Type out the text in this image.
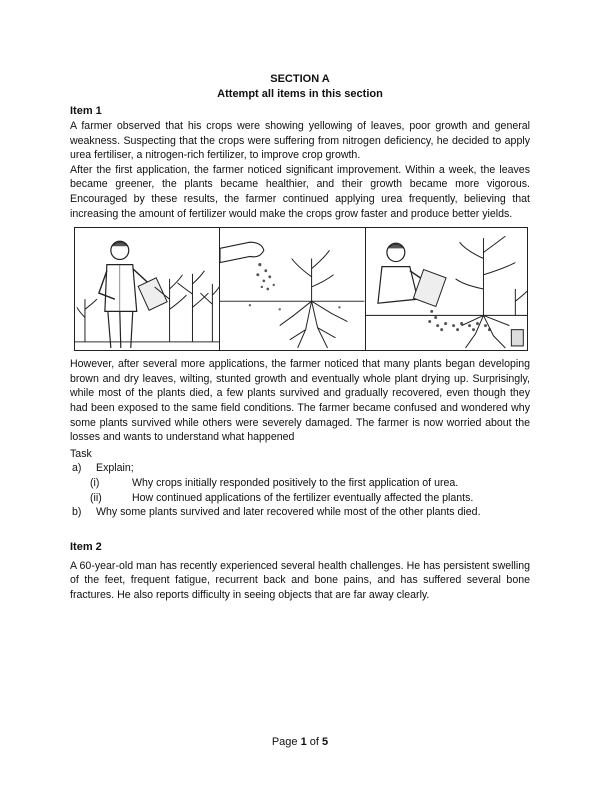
SECTION A
Attempt all items in this section
Item 1

A farmer observed that his crops were showing yellowing of leaves, poor growth and general weakness. Suspecting that the crops were suffering from nitrogen deficiency, he decided to apply urea fertiliser, a nitrogen-rich fertilizer, to improve crop growth.

After the first application, the farmer noticed significant improvement. Within a week, the leaves became greener, the plants became healthier, and their growth became more vigorous. Encouraged by these results, the farmer continued applying urea frequently, believing that increasing the amount of fertilizer would make the crops grow faster and produce better yields.

However, after several more applications, the farmer noticed that many plants began developing brown and dry leaves, wilting, stunted growth and eventually whole plant drying up. Surprisingly, while most of the plants died, a few plants survived and gradually recovered, even though they had been exposed to the same field conditions. The farmer became confused and wondered why some plants survived while others were severely damaged. The farmer is now worried about the losses and wants to understand what happened

Task
a)	Explain;
(i)	Why crops initially responded positively to the first application of urea.
(ii)	How continued applications of the fertilizer eventually affected the plants.
b)	Why some plants survived and later recovered while most of the other plants died.
Item 2

A 60-year-old man has recently experienced several health challenges. He has persistent swelling of the feet, frequent fatigue, recurrent back and bone pains, and has suffered several bone fractures. He also reports difficulty in seeing objects that are far away clearly.

Page 1 of 5
